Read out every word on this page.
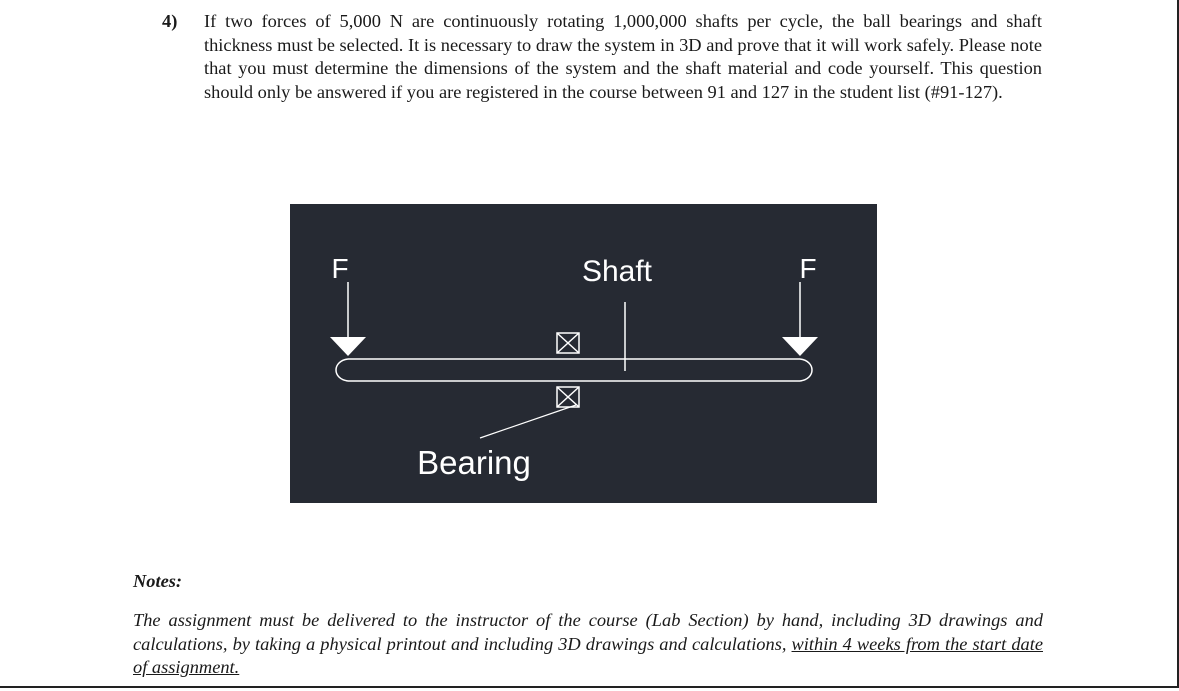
4) If two forces of 5,000 N are continuously rotating 1,000,000 shafts per cycle, the ball bearings and shaft thickness must be selected. It is necessary to draw the system in 3D and prove that it will work safely. Please note that you must determine the dimensions of the system and the shaft material and code yourself. This question should only be answered if you are registered in the course between 91 and 127 in the student list (#91-127).
F	F
Shaft
Bearing
Notes:
The assignment must be delivered to the instructor of the course (Lab Section) by hand, including 3D drawings and calculations, by taking a physical printout and including 3D drawings and calculations, within 4 weeks from the start date of assignment.
